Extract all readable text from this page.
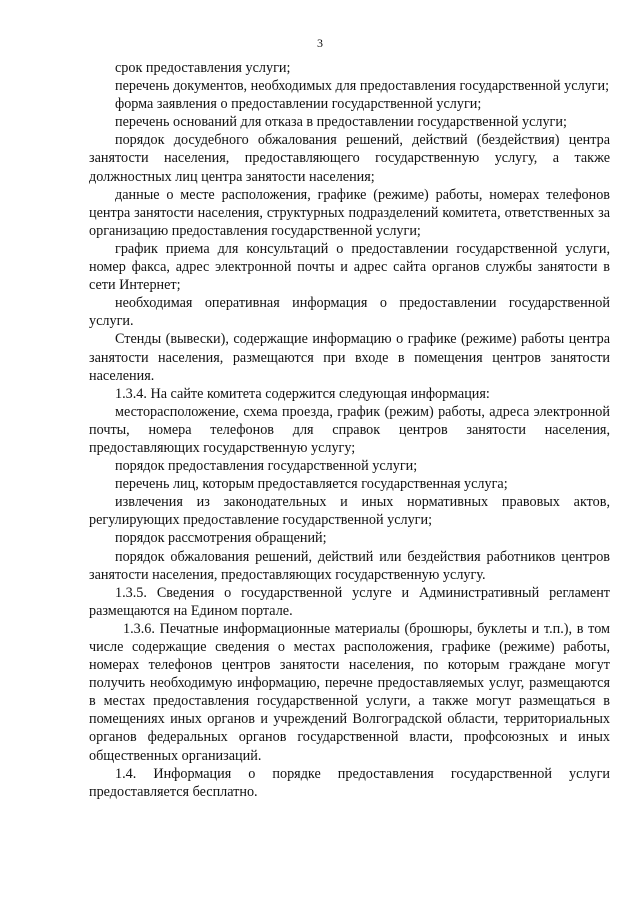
3

срок предоставления услуги;

перечень документов, необходимых для предоставления государственной услуги;

форма заявления о предоставлении государственной услуги;

перечень оснований для отказа в предоставлении государственной услуги;

порядок досудебного обжалования решений, действий (бездействия) центра занятости населения, предоставляющего государственную услугу, а также должностных лиц центра занятости населения;

данные о месте расположения, графике (режиме) работы, номерах телефонов центра занятости населения, структурных подразделений комитета, ответственных за организацию предоставления государственной услуги;

график приема для консультаций о предоставлении государственной услуги, номер факса, адрес электронной почты и адрес сайта органов службы занятости в сети Интернет;

необходимая оперативная информация о предоставлении государственной услуги.

Стенды (вывески), содержащие информацию о графике (режиме) работы центра занятости населения, размещаются при входе в помещения центров занятости населения.

1.3.4. На сайте комитета содержится следующая информация:

месторасположение, схема проезда, график (режим) работы, адреса электронной почты, номера телефонов для справок центров занятости населения, предоставляющих государственную услугу;

порядок предоставления государственной услуги;

перечень лиц, которым предоставляется государственная услуга;

извлечения из законодательных и иных нормативных правовых актов, регулирующих предоставление государственной услуги;

порядок рассмотрения обращений;

порядок обжалования решений, действий или бездействия работников центров занятости населения, предоставляющих государственную услугу.

1.3.5. Сведения о государственной услуге и Административный регламент размещаются на Едином портале.

1.3.6. Печатные информационные материалы (брошюры, буклеты и т.п.), в том числе содержащие сведения о местах расположения, графике (режиме) работы, номерах телефонов центров занятости населения, по которым граждане могут получить необходимую информацию, перечне предоставляемых услуг, размещаются в местах предоставления государственной услуги, а также могут размещаться в помещениях иных органов и учреждений Волгоградской области, территориальных органов федеральных органов государственной власти, профсоюзных и иных общественных организаций.

1.4. Информация о порядке предоставления государственной услуги предоставляется бесплатно.
